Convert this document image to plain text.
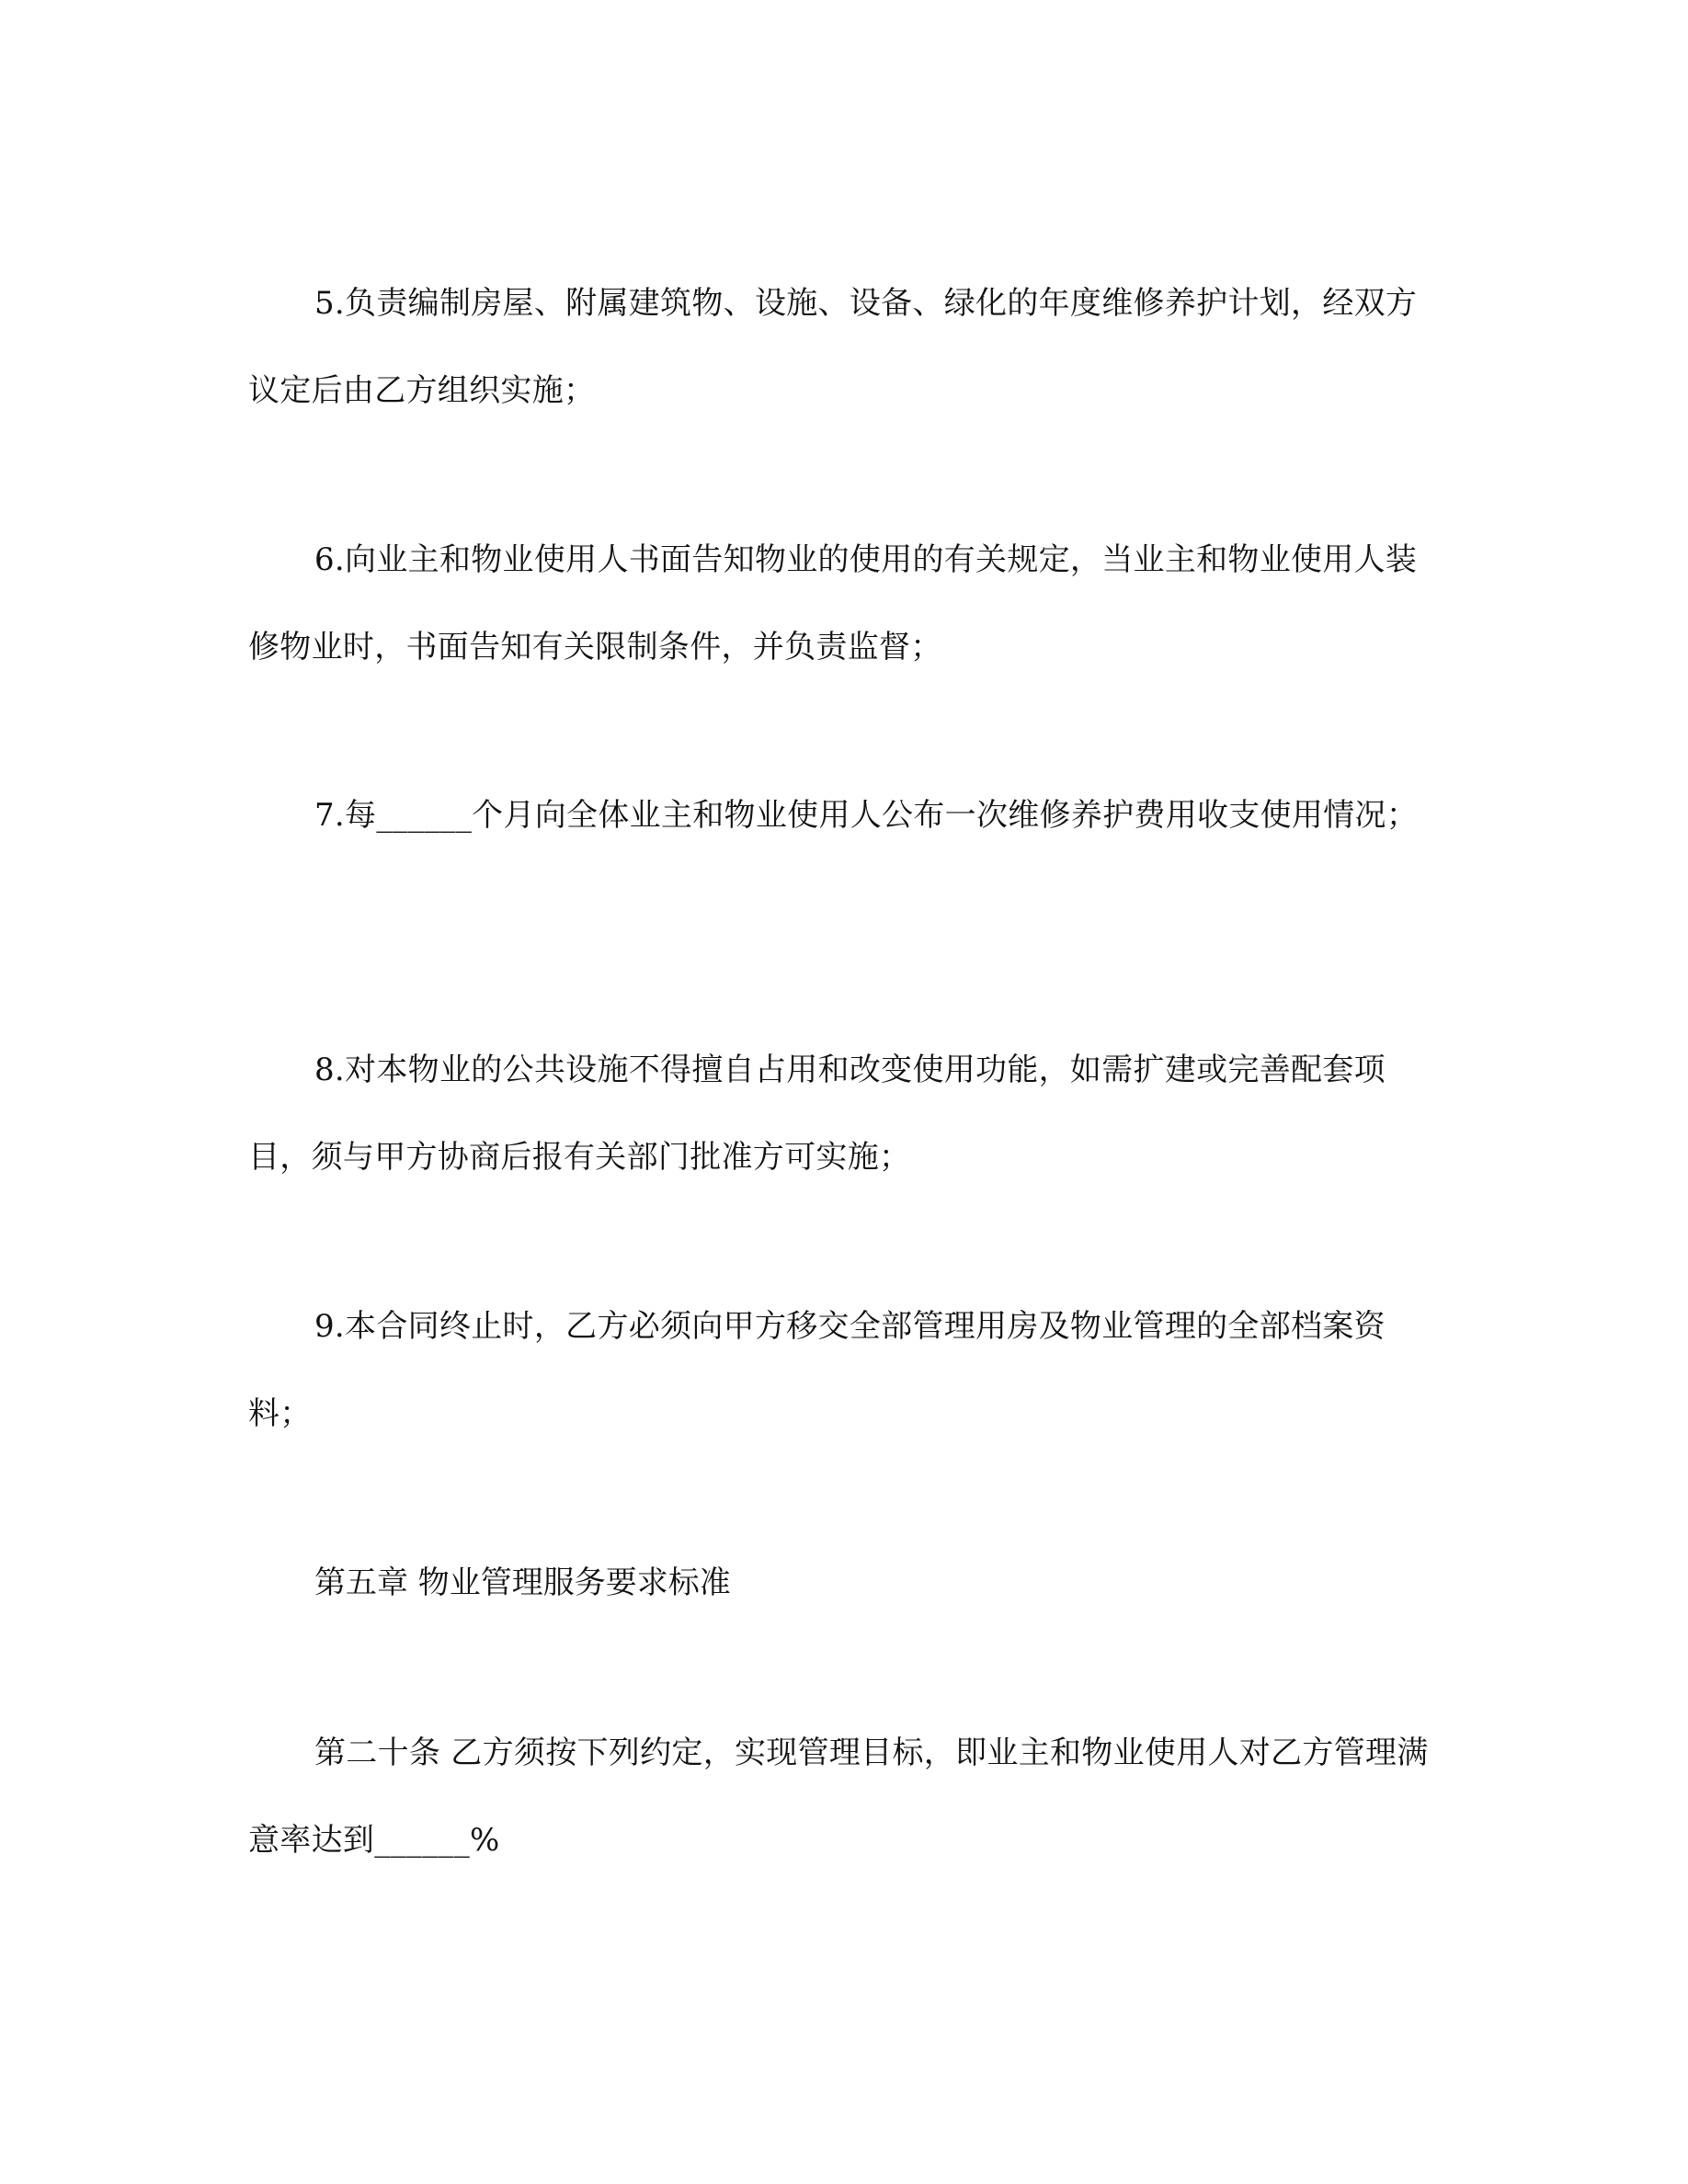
5.负责编制房屋、附属建筑物、设施、设备、绿化的年度维修养护计划，经双方议定后由乙方组织实施；

6.向业主和物业使用人书面告知物业的使用的有关规定，当业主和物业使用人装修物业时，书面告知有关限制条件，并负责监督；

7.每______个月向全体业主和物业使用人公布一次维修养护费用收支使用情况；

8.对本物业的公共设施不得擅自占用和改变使用功能，如需扩建或完善配套项目，须与甲方协商后报有关部门批准方可实施；

9.本合同终止时，乙方必须向甲方移交全部管理用房及物业管理的全部档案资料；

第五章 物业管理服务要求标准

第二十条 乙方须按下列约定，实现管理目标，即业主和物业使用人对乙方管理满意率达到______%
